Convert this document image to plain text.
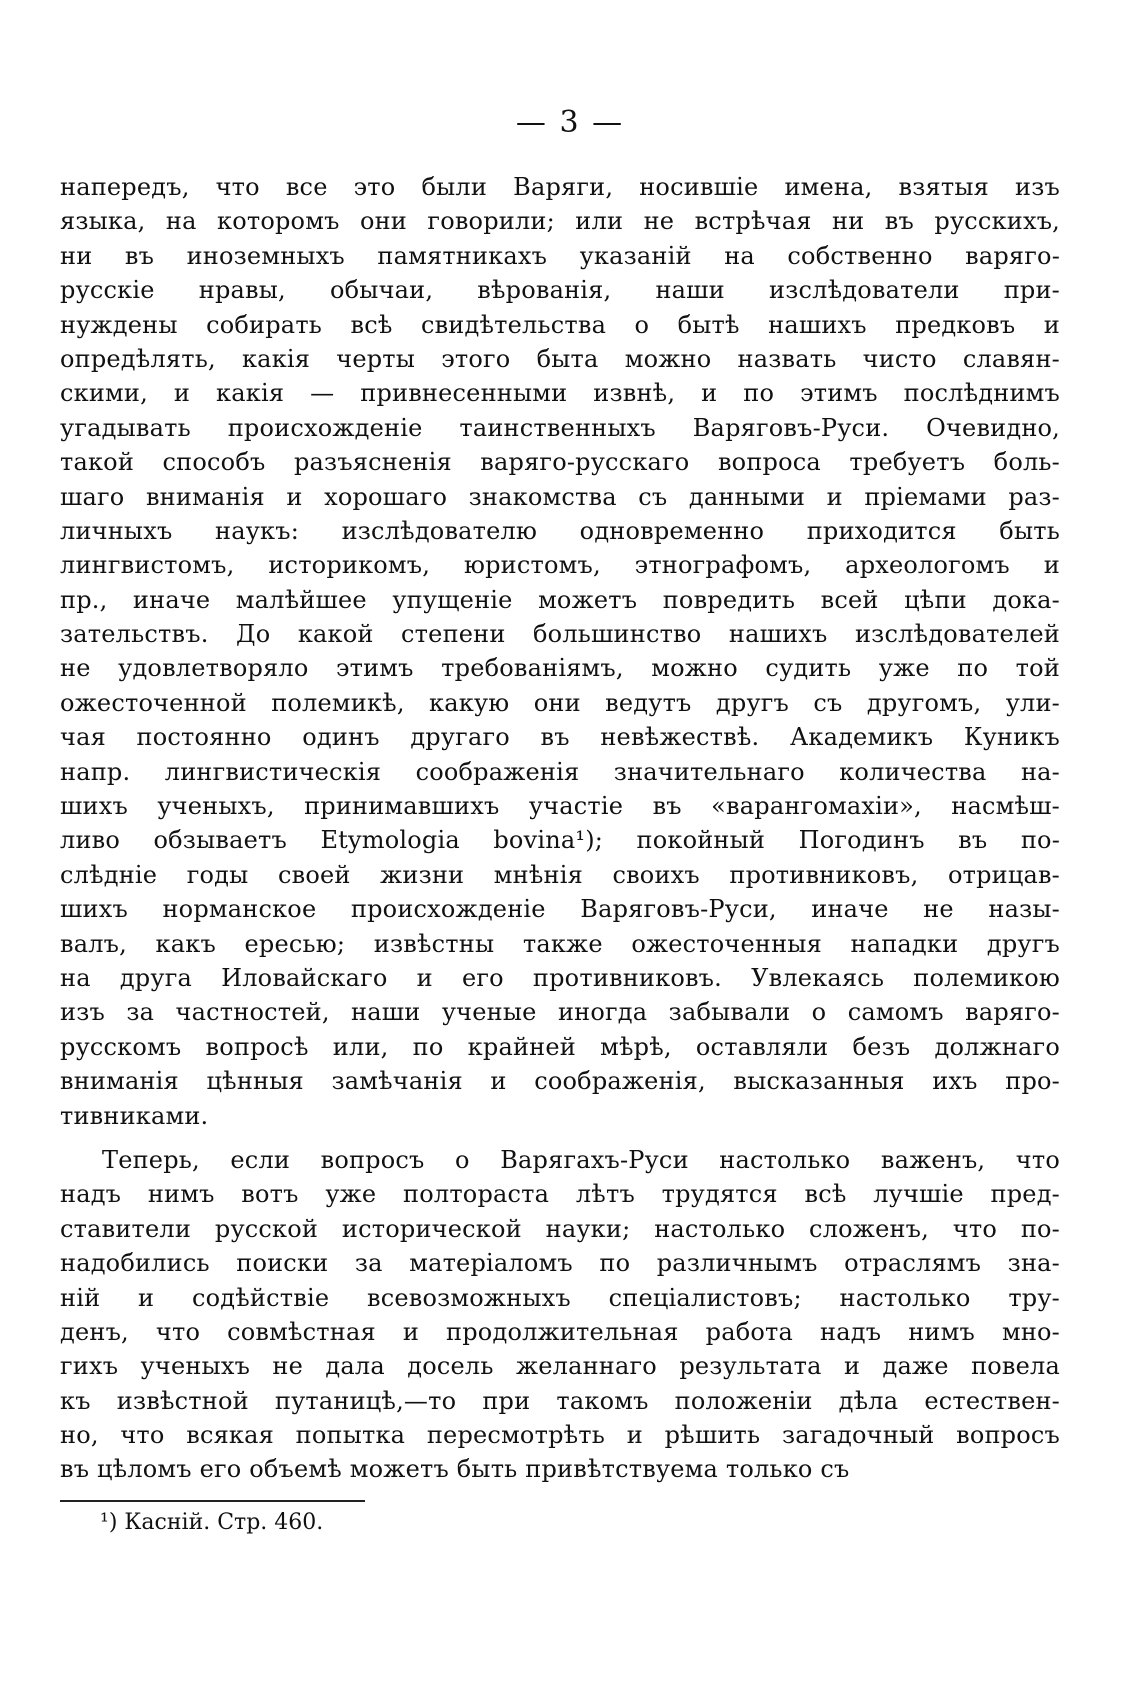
— 3 —
напередъ, что все это были Варяги, носившіе имена, взятыя изъ
языка, на которомъ они говорили; или не встрѣчая ни въ русскихъ,
ни въ иноземныхъ памятникахъ указаній на собственно варяго-
русскіе нравы, обычаи, вѣрованія, наши изслѣдователи при-
нуждены собирать всѣ свидѣтельства о бытѣ нашихъ предковъ и
опредѣлять, какія черты этого быта можно назвать чисто славян-
скими, и какія — привнесенными извнѣ, и по этимъ послѣднимъ
угадывать происхожденіе таинственныхъ Варяговъ-Руси. Очевидно,
такой способъ разъясненія варяго-русскаго вопроса требуетъ боль-
шаго вниманія и хорошаго знакомства съ данными и пріемами раз-
личныхъ наукъ: изслѣдователю одновременно приходится быть
лингвистомъ, историкомъ, юристомъ, этнографомъ, археологомъ и
пр., иначе малѣйшее упущеніе можетъ повредить всей цѣпи дока-
зательствъ. До какой степени большинство нашихъ изслѣдователей
не удовлетворяло этимъ требованіямъ, можно судить уже по той
ожесточенной полемикѣ, какую они ведутъ другъ съ другомъ, ули-
чая постоянно одинъ другаго въ невѣжествѣ. Академикъ Куникъ
напр. лингвистическія соображенія значительнаго количества на-
шихъ ученыхъ, принимавшихъ участіе въ «варангомахіи», насмѣш-
ливо обзываетъ Etymologia bovina¹); покойный Погодинъ въ по-
слѣдніе годы своей жизни мнѣнія своихъ противниковъ, отрицав-
шихъ норманское происхожденіе Варяговъ-Руси, иначе не назы-
валъ, какъ ересью; извѣстны также ожесточенныя нападки другъ
на друга Иловайскаго и его противниковъ. Увлекаясь полемикою
изъ за частностей, наши ученые иногда забывали о самомъ варяго-
русскомъ вопросѣ или, по крайней мѣрѣ, оставляли безъ должнаго
вниманія цѣнныя замѣчанія и соображенія, высказанныя ихъ про-
тивниками.
Теперь, если вопросъ о Варягахъ-Руси настолько важенъ, что
надъ нимъ вотъ уже полтораста лѣтъ трудятся всѣ лучшіе пред-
ставители русской исторической науки; настолько сложенъ, что по-
надобились поиски за матеріаломъ по различнымъ отраслямъ зна-
ній и содѣйствіе всевозможныхъ спеціалистовъ; настолько тру-
денъ, что совмѣстная и продолжительная работа надъ нимъ мно-
гихъ ученыхъ не дала досель желаннаго результата и даже повела
къ извѣстной путаницѣ,—то при такомъ положеніи дѣла естествен-
но, что всякая попытка пересмотрѣть и рѣшить загадочный вопросъ
въ цѣломъ его объемѣ можетъ быть привѣтствуема только съ
¹) Касній. Стр. 460.
